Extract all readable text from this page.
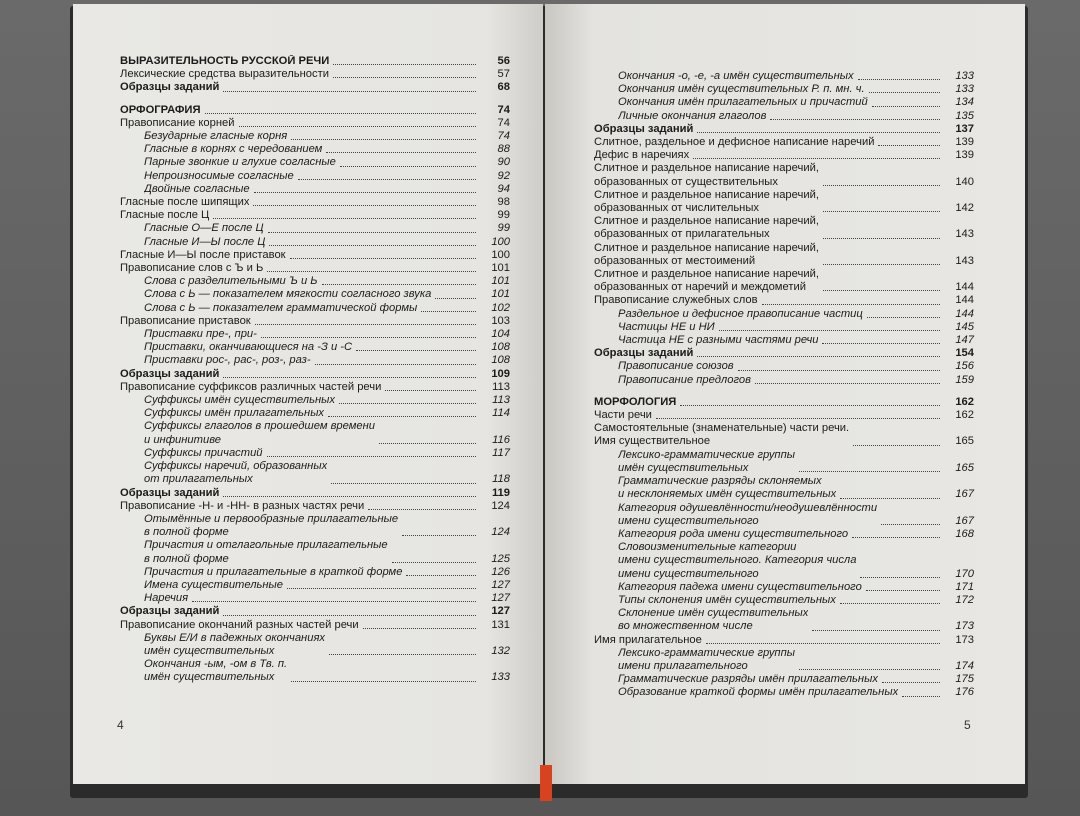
ВЫРАЗИТЕЛЬНОСТЬ РУССКОЙ РЕЧИ	56
Лексические средства выразительности	57
Образцы заданий	68
ОРФОГРАФИЯ	74
Правописание корней	74
Безударные гласные корня	74
Гласные в корнях с чередованием	88
Парные звонкие и глухие согласные	90
Непроизносимые согласные	92
Двойные согласные	94
Гласные после шипящих	98
Гласные после Ц	99
Гласные О—Е после Ц	99
Гласные И—Ы после Ц	100
Гласные И—Ы после приставок	100
Правописание слов с Ъ и Ь	101
Слова с разделительными Ъ и Ь	101
Слова с Ь — показателем мягкости согласного звука	101
Слова с Ь — показателем грамматической формы	102
Правописание приставок	103
Приставки пре-, при-	104
Приставки, оканчивающиеся на -З и -С	108
Приставки рос-, рас-, роз-, раз-	108
Образцы заданий	109
Правописание суффиксов различных частей речи	113
Суффиксы имён существительных	113
Суффиксы имён прилагательных	114
Суффиксы глаголов в прошедшем времени
и инфинитиве	116
Суффиксы причастий	117
Суффиксы наречий, образованных
от прилагательных	118
Образцы заданий	119
Правописание -Н- и -НН- в разных частях речи	124
Отымённые и первообразные прилагательные
в полной форме	124
Причастия и отглагольные прилагательные
в полной форме	125
Причастия и прилагательные в краткой форме	126
Имена существительные	127
Наречия	127
Образцы заданий	127
Правописание окончаний разных частей речи	131
Буквы Е/И в падежных окончаниях
имён существительных	132
Окончания -ым, -ом в Тв. п.
имён существительных	133
Окончания -о, -е, -а имён существительных	133
Окончания имён существительных Р. п. мн. ч.	133
Окончания имён прилагательных и причастий	134
Личные окончания глаголов	135
Образцы заданий	137
Слитное, раздельное и дефисное написание наречий	139
Дефис в наречиях	139
Слитное и раздельное написание наречий,
образованных от существительных	140
Слитное и раздельное написание наречий,
образованных от числительных	142
Слитное и раздельное написание наречий,
образованных от прилагательных	143
Слитное и раздельное написание наречий,
образованных от местоимений	143
Слитное и раздельное написание наречий,
образованных от наречий и междометий	144
Правописание служебных слов	144
Раздельное и дефисное правописание частиц	144
Частицы НЕ и НИ	145
Частица НЕ с разными частями речи	147
Образцы заданий	154
Правописание союзов	156
Правописание предлогов	159
МОРФОЛОГИЯ	162
Части речи	162
Самостоятельные (знаменательные) части речи.
Имя существительное	165
Лексико-грамматические группы
имён существительных	165
Грамматические разряды склоняемых
и несклоняемых имён существительных	167
Категория одушевлённости/неодушевлённости
имени существительного	167
Категория рода имени существительного	168
Словоизменительные категории
имени существительного. Категория числа
имени существительного	170
Категория падежа имени существительного	171
Типы склонения имён существительных	172
Склонение имён существительных
во множественном числе	173
Имя прилагательное	173
Лексико-грамматические группы
имени прилагательного	174
Грамматические разряды имён прилагательных	175
Образование краткой формы имён прилагательных	176
4	5
